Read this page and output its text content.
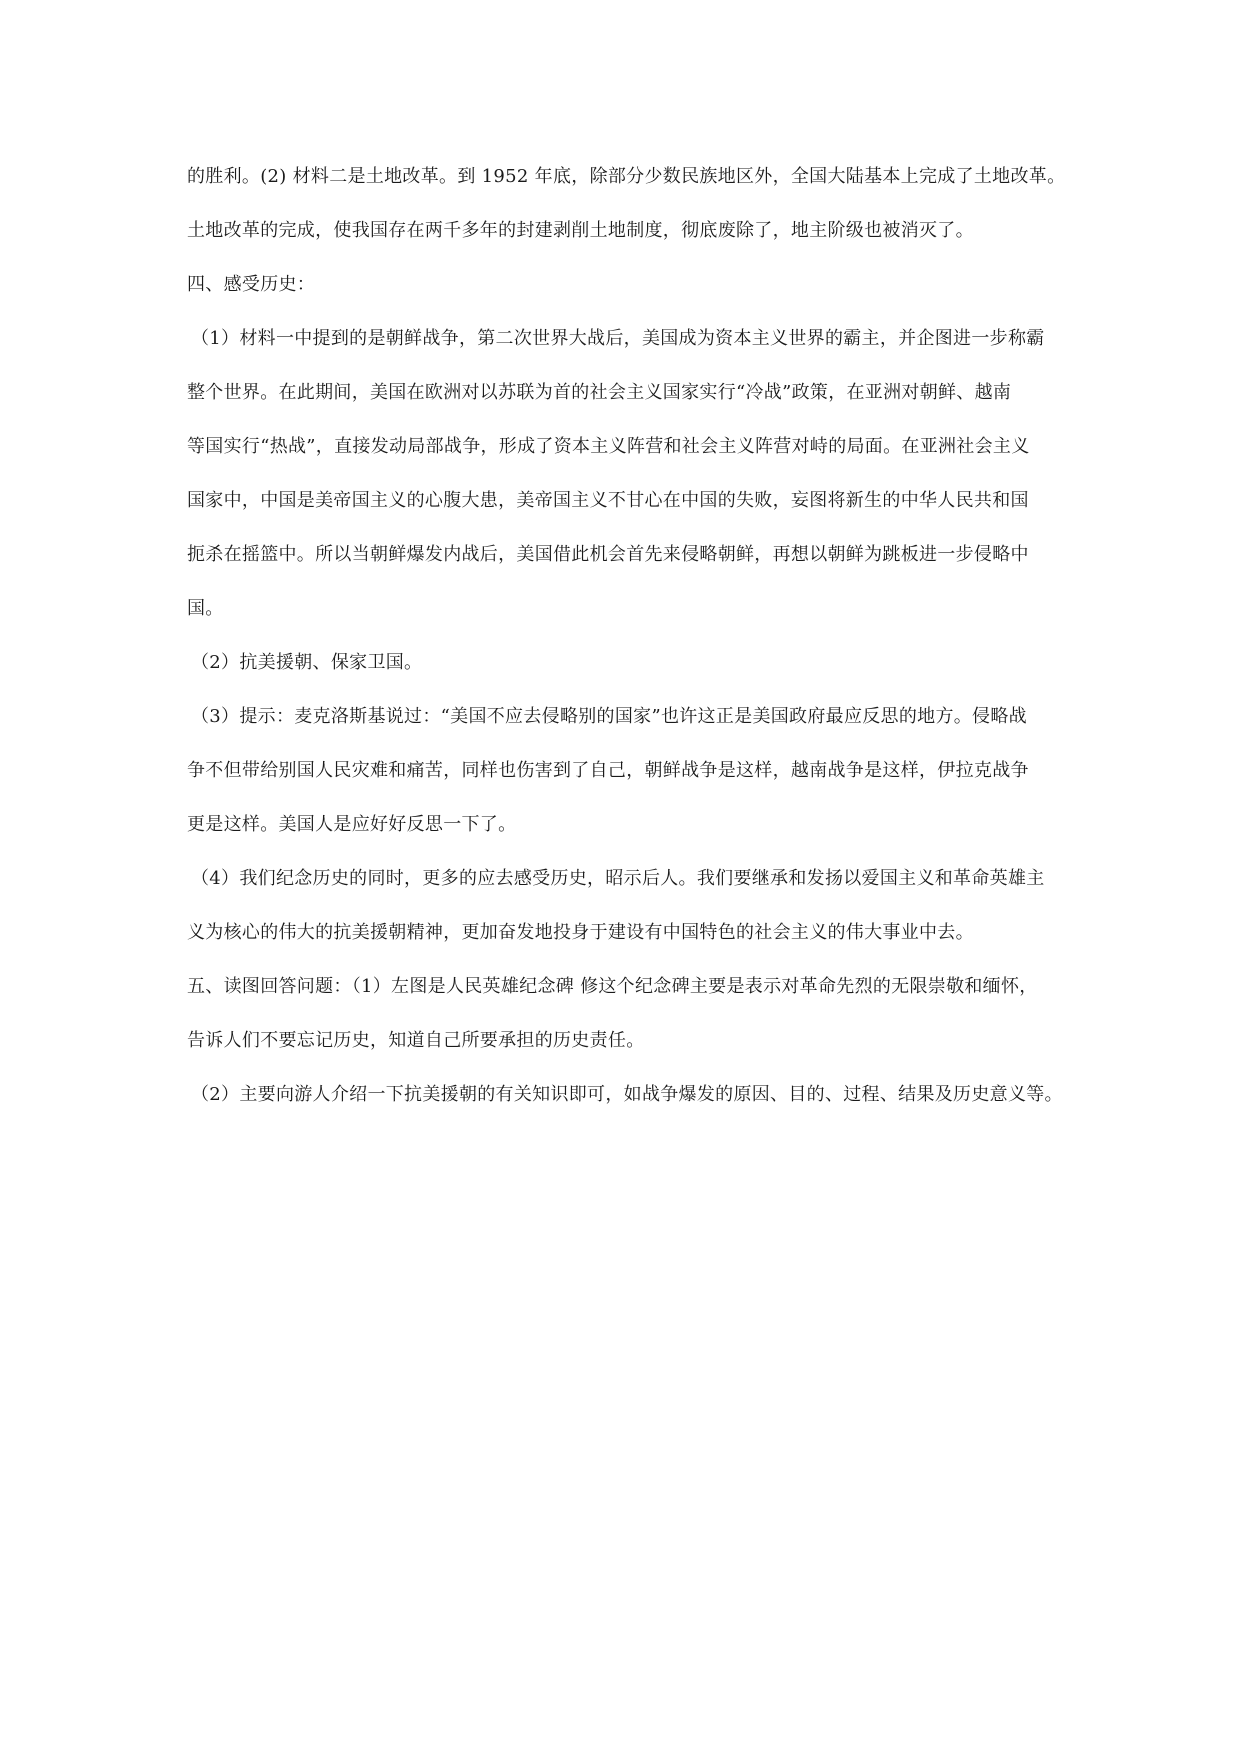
的胜利。(2) 材料二是土地改革。到 1952 年底，除部分少数民族地区外，全国大陆基本上完成了土地改革。
土地改革的完成，使我国存在两千多年的封建剥削土地制度，彻底废除了，地主阶级也被消灭了。
四、感受历史：
（1）材料一中提到的是朝鲜战争，第二次世界大战后，美国成为资本主义世界的霸主，并企图进一步称霸
整个世界。在此期间，美国在欧洲对以苏联为首的社会主义国家实行“冷战”政策，在亚洲对朝鲜、越南
等国实行“热战”，直接发动局部战争，形成了资本主义阵营和社会主义阵营对峙的局面。在亚洲社会主义
国家中，中国是美帝国主义的心腹大患，美帝国主义不甘心在中国的失败，妄图将新生的中华人民共和国
扼杀在摇篮中。所以当朝鲜爆发内战后，美国借此机会首先来侵略朝鲜，再想以朝鲜为跳板进一步侵略中
国。
（2）抗美援朝、保家卫国。
（3）提示：麦克洛斯基说过：“美国不应去侵略别的国家”也许这正是美国政府最应反思的地方。侵略战
争不但带给别国人民灾难和痛苦，同样也伤害到了自己，朝鲜战争是这样，越南战争是这样，伊拉克战争
更是这样。美国人是应好好反思一下了。
（4）我们纪念历史的同时，更多的应去感受历史，昭示后人。我们要继承和发扬以爱国主义和革命英雄主
义为核心的伟大的抗美援朝精神，更加奋发地投身于建设有中国特色的社会主义的伟大事业中去。
五、读图回答问题：（1）左图是人民英雄纪念碑 修这个纪念碑主要是表示对革命先烈的无限崇敬和缅怀，
告诉人们不要忘记历史，知道自己所要承担的历史责任。
（2）主要向游人介绍一下抗美援朝的有关知识即可，如战争爆发的原因、目的、过程、结果及历史意义等。
